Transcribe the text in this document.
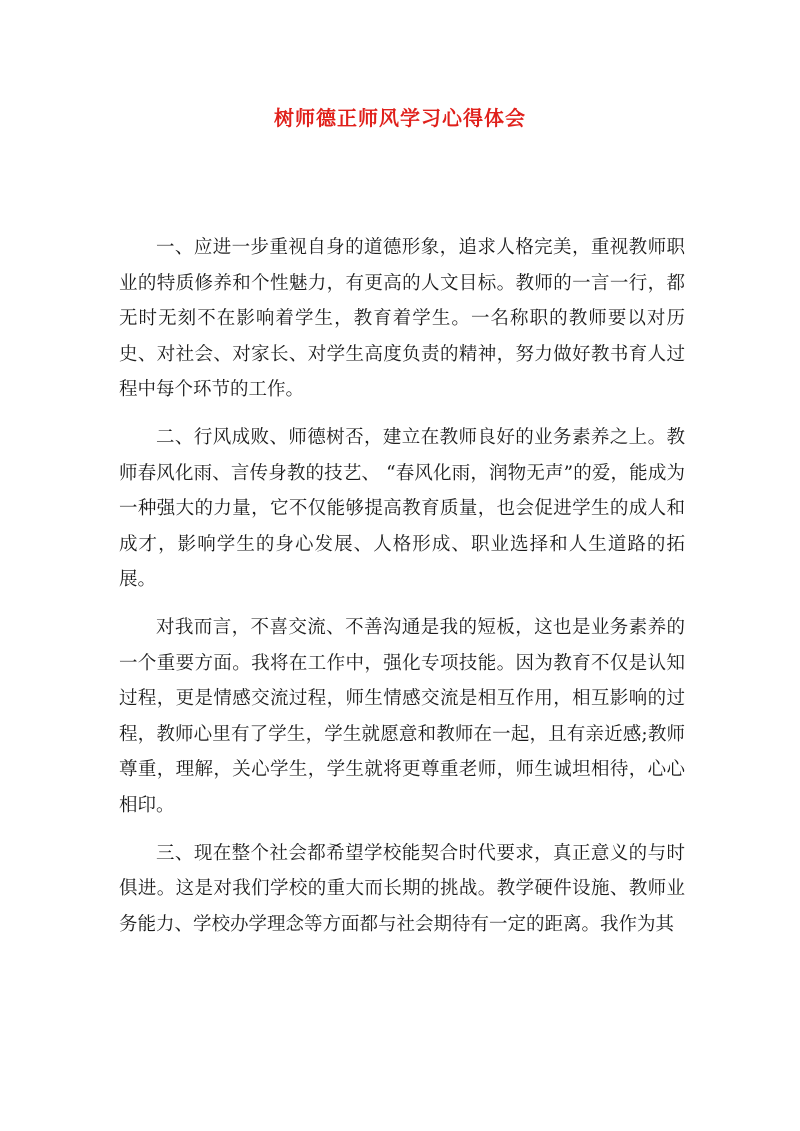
树师德正师风学习心得体会

一、应进一步重视自身的道德形象，追求人格完美，重视教师职业的特质修养和个性魅力，有更高的人文目标。教师的一言一行，都无时无刻不在影响着学生，教育着学生。一名称职的教师要以对历史、对社会、对家长、对学生高度负责的精神，努力做好教书育人过程中每个环节的工作。

二、行风成败、师德树否，建立在教师良好的业务素养之上。教师春风化雨、言传身教的技艺、 “春风化雨，润物无声”的爱，能成为一种强大的力量，它不仅能够提高教育质量，也会促进学生的成人和成才，影响学生的身心发展、人格形成、职业选择和人生道路的拓展。

对我而言，不喜交流、不善沟通是我的短板，这也是业务素养的一个重要方面。我将在工作中，强化专项技能。因为教育不仅是认知过程，更是情感交流过程，师生情感交流是相互作用，相互影响的过程，教师心里有了学生，学生就愿意和教师在一起，且有亲近感;教师尊重，理解，关心学生，学生就将更尊重老师，师生诚坦相待，心心相印。

三、现在整个社会都希望学校能契合时代要求，真正意义的与时俱进。这是对我们学校的重大而长期的挑战。教学硬件设施、教师业务能力、学校办学理念等方面都与社会期待有一定的距离。我作为其
